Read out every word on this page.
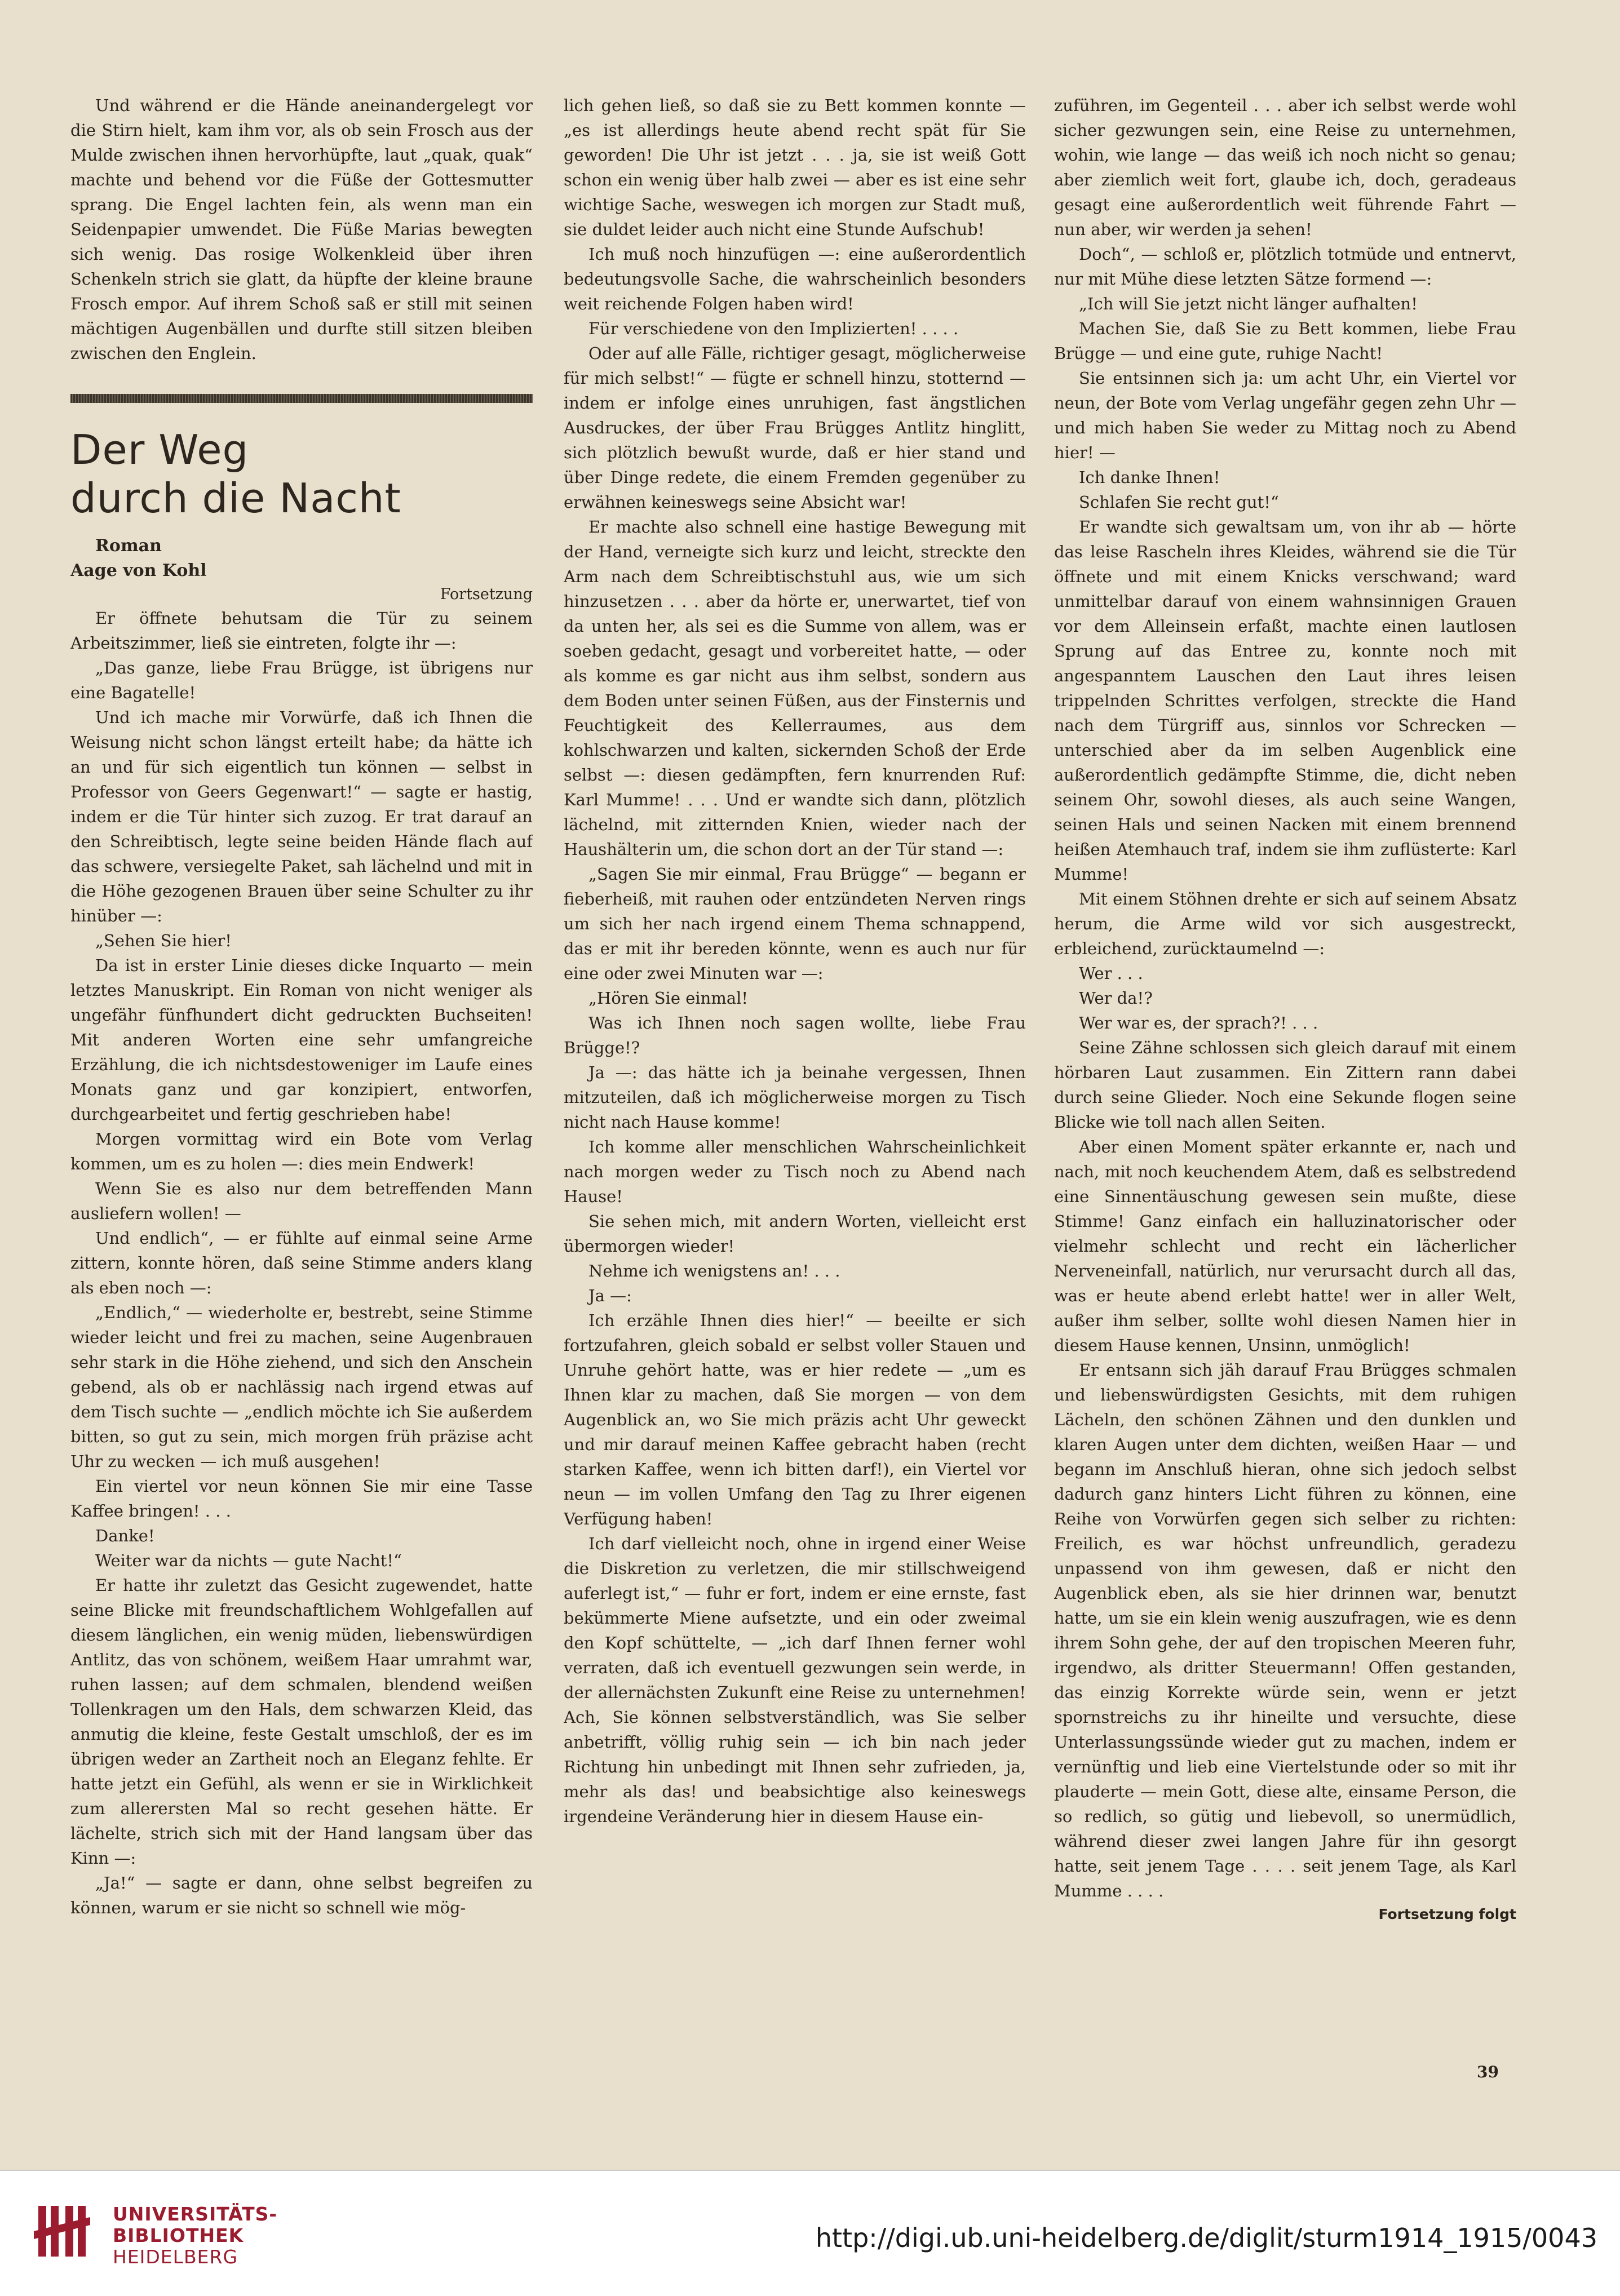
Und während er die Hände aneinandergelegt vor die Stirn hielt, kam ihm vor, als ob sein Frosch aus der Mulde zwischen ihnen hervorhüpfte, laut „quak, quak“ machte und behend vor die Füße der Gottesmutter sprang. Die Engel lachten fein, als wenn man ein Seidenpapier umwendet. Die Füße Marias bewegten sich wenig. Das rosige Wolkenkleid über ihren Schenkeln strich sie glatt, da hüpfte der kleine braune Frosch empor. Auf ihrem Schoß saß er still mit seinen mächtigen Augenbällen und durfte still sitzen bleiben zwischen den Englein.

Der Weg
durch die Nacht

Roman

Aage von Kohl

Fortsetzung

Er öffnete behutsam die Tür zu seinem Arbeitszimmer, ließ sie eintreten, folgte ihr —:

„Das ganze, liebe Frau Brügge, ist übrigens nur eine Bagatelle!

Und ich mache mir Vorwürfe, daß ich Ihnen die Weisung nicht schon längst erteilt habe; da hätte ich an und für sich eigentlich tun können — selbst in Professor von Geers Gegenwart!“ — sagte er hastig, indem er die Tür hinter sich zuzog. Er trat darauf an den Schreibtisch, legte seine beiden Hände flach auf das schwere, versiegelte Paket, sah lächelnd und mit in die Höhe gezogenen Brauen über seine Schulter zu ihr hinüber —:

„Sehen Sie hier!

Da ist in erster Linie dieses dicke Inquarto — mein letztes Manuskript. Ein Roman von nicht weniger als ungefähr fünfhundert dicht gedruckten Buchseiten! Mit anderen Worten eine sehr umfangreiche Erzählung, die ich nichtsdestoweniger im Laufe eines Monats ganz und gar konzipiert, entworfen, durchgearbeitet und fertig geschrieben habe!

Morgen vormittag wird ein Bote vom Verlag kommen, um es zu holen —: dies mein Endwerk!

Wenn Sie es also nur dem betreffenden Mann ausliefern wollen! —

Und endlich“, — er fühlte auf einmal seine Arme zittern, konnte hören, daß seine Stimme anders klang als eben noch —:

„Endlich,“ — wiederholte er, bestrebt, seine Stimme wieder leicht und frei zu machen, seine Augenbrauen sehr stark in die Höhe ziehend, und sich den Anschein gebend, als ob er nachlässig nach irgend etwas auf dem Tisch suchte — „endlich möchte ich Sie außerdem bitten, so gut zu sein, mich morgen früh präzise acht Uhr zu wecken — ich muß ausgehen!

Ein viertel vor neun können Sie mir eine Tasse Kaffee bringen! . . .

Danke!

Weiter war da nichts — gute Nacht!“

Er hatte ihr zuletzt das Gesicht zugewendet, hatte seine Blicke mit freundschaftlichem Wohlgefallen auf diesem länglichen, ein wenig müden, liebenswürdigen Antlitz, das von schönem, weißem Haar umrahmt war, ruhen lassen; auf dem schmalen, blendend weißen Tollenkragen um den Hals, dem schwarzen Kleid, das anmutig die kleine, feste Gestalt umschloß, der es im übrigen weder an Zartheit noch an Eleganz fehlte. Er hatte jetzt ein Gefühl, als wenn er sie in Wirklichkeit zum allerersten Mal so recht gesehen hätte. Er lächelte, strich sich mit der Hand langsam über das Kinn —:

„Ja!“ — sagte er dann, ohne selbst begreifen zu können, warum er sie nicht so schnell wie mög-

lich gehen ließ, so daß sie zu Bett kommen konnte — „es ist allerdings heute abend recht spät für Sie geworden! Die Uhr ist jetzt . . . ja, sie ist weiß Gott schon ein wenig über halb zwei — aber es ist eine sehr wichtige Sache, weswegen ich morgen zur Stadt muß, sie duldet leider auch nicht eine Stunde Aufschub!

Ich muß noch hinzufügen —: eine außerordentlich bedeutungsvolle Sache, die wahrscheinlich besonders weit reichende Folgen haben wird!

Für verschiedene von den Implizierten! . . . .

Oder auf alle Fälle, richtiger gesagt, möglicherweise für mich selbst!“ — fügte er schnell hinzu, stotternd — indem er infolge eines unruhigen, fast ängstlichen Ausdruckes, der über Frau Brügges Antlitz hinglitt, sich plötzlich bewußt wurde, daß er hier stand und über Dinge redete, die einem Fremden gegenüber zu erwähnen keineswegs seine Absicht war!

Er machte also schnell eine hastige Bewegung mit der Hand, verneigte sich kurz und leicht, streckte den Arm nach dem Schreibtischstuhl aus, wie um sich hinzusetzen . . . aber da hörte er, unerwartet, tief von da unten her, als sei es die Summe von allem, was er soeben gedacht, gesagt und vorbereitet hatte, — oder als komme es gar nicht aus ihm selbst, sondern aus dem Boden unter seinen Füßen, aus der Finsternis und Feuchtigkeit des Kellerraumes, aus dem kohlschwarzen und kalten, sickernden Schoß der Erde selbst —: diesen gedämpften, fern knurrenden Ruf: Karl Mumme! . . . Und er wandte sich dann, plötzlich lächelnd, mit zitternden Knien, wieder nach der Haushälterin um, die schon dort an der Tür stand —:

„Sagen Sie mir einmal, Frau Brügge“ — begann er fieberheiß, mit rauhen oder entzündeten Nerven rings um sich her nach irgend einem Thema schnappend, das er mit ihr bereden könnte, wenn es auch nur für eine oder zwei Minuten war —:

„Hören Sie einmal!

Was ich Ihnen noch sagen wollte, liebe Frau Brügge!?

Ja —: das hätte ich ja beinahe vergessen, Ihnen mitzuteilen, daß ich möglicherweise morgen zu Tisch nicht nach Hause komme!

Ich komme aller menschlichen Wahrscheinlichkeit nach morgen weder zu Tisch noch zu Abend nach Hause!

Sie sehen mich, mit andern Worten, vielleicht erst übermorgen wieder!

Nehme ich wenigstens an! . . .

Ja —:

Ich erzähle Ihnen dies hier!“ — beeilte er sich fortzufahren, gleich sobald er selbst voller Stauen und Unruhe gehört hatte, was er hier redete — „um es Ihnen klar zu machen, daß Sie morgen — von dem Augenblick an, wo Sie mich präzis acht Uhr geweckt und mir darauf meinen Kaffee gebracht haben (recht starken Kaffee, wenn ich bitten darf!), ein Viertel vor neun — im vollen Umfang den Tag zu Ihrer eigenen Verfügung haben!

Ich darf vielleicht noch, ohne in irgend einer Weise die Diskretion zu verletzen, die mir stillschweigend auferlegt ist,“ — fuhr er fort, indem er eine ernste, fast bekümmerte Miene aufsetzte, und ein oder zweimal den Kopf schüttelte, — „ich darf Ihnen ferner wohl verraten, daß ich eventuell gezwungen sein werde, in der allernächsten Zukunft eine Reise zu unternehmen! Ach, Sie können selbstverständlich, was Sie selber anbetrifft, völlig ruhig sein — ich bin nach jeder Richtung hin unbedingt mit Ihnen sehr zufrieden, ja, mehr als das! und beabsichtige also keineswegs irgendeine Veränderung hier in diesem Hause ein-

zuführen, im Gegenteil . . . aber ich selbst werde wohl sicher gezwungen sein, eine Reise zu unternehmen, wohin, wie lange — das weiß ich noch nicht so genau; aber ziemlich weit fort, glaube ich, doch, geradeaus gesagt eine außerordentlich weit führende Fahrt — nun aber, wir werden ja sehen!

Doch“, — schloß er, plötzlich totmüde und entnervt, nur mit Mühe diese letzten Sätze formend —:

„Ich will Sie jetzt nicht länger aufhalten!

Machen Sie, daß Sie zu Bett kommen, liebe Frau Brügge — und eine gute, ruhige Nacht!

Sie entsinnen sich ja: um acht Uhr, ein Viertel vor neun, der Bote vom Verlag ungefähr gegen zehn Uhr — und mich haben Sie weder zu Mittag noch zu Abend hier! —

Ich danke Ihnen!

Schlafen Sie recht gut!“

Er wandte sich gewaltsam um, von ihr ab — hörte das leise Rascheln ihres Kleides, während sie die Tür öffnete und mit einem Knicks verschwand; ward unmittelbar darauf von einem wahnsinnigen Grauen vor dem Alleinsein erfaßt, machte einen lautlosen Sprung auf das Entree zu, konnte noch mit angespanntem Lauschen den Laut ihres leisen trippelnden Schrittes verfolgen, streckte die Hand nach dem Türgriff aus, sinnlos vor Schrecken — unterschied aber da im selben Augenblick eine außerordentlich gedämpfte Stimme, die, dicht neben seinem Ohr, sowohl dieses, als auch seine Wangen, seinen Hals und seinen Nacken mit einem brennend heißen Atemhauch traf, indem sie ihm zuflüsterte: Karl Mumme!

Mit einem Stöhnen drehte er sich auf seinem Absatz herum, die Arme wild vor sich ausgestreckt, erbleichend, zurücktaumelnd —:

Wer . . .

Wer da!?

Wer war es, der sprach?! . . .

Seine Zähne schlossen sich gleich darauf mit einem hörbaren Laut zusammen. Ein Zittern rann dabei durch seine Glieder. Noch eine Sekunde flogen seine Blicke wie toll nach allen Seiten.

Aber einen Moment später erkannte er, nach und nach, mit noch keuchendem Atem, daß es selbstredend eine Sinnentäuschung gewesen sein mußte, diese Stimme! Ganz einfach ein halluzinatorischer oder vielmehr schlecht und recht ein lächerlicher Nerveneinfall, natürlich, nur verursacht durch all das, was er heute abend erlebt hatte! wer in aller Welt, außer ihm selber, sollte wohl diesen Namen hier in diesem Hause kennen, Unsinn, unmöglich!

Er entsann sich jäh darauf Frau Brügges schmalen und liebenswürdigsten Gesichts, mit dem ruhigen Lächeln, den schönen Zähnen und den dunklen und klaren Augen unter dem dichten, weißen Haar — und begann im Anschluß hieran, ohne sich jedoch selbst dadurch ganz hinters Licht führen zu können, eine Reihe von Vorwürfen gegen sich selber zu richten: Freilich, es war höchst unfreundlich, geradezu unpassend von ihm gewesen, daß er nicht den Augenblick eben, als sie hier drinnen war, benutzt hatte, um sie ein klein wenig auszufragen, wie es denn ihrem Sohn gehe, der auf den tropischen Meeren fuhr, irgendwo, als dritter Steuermann! Offen gestanden, das einzig Korrekte würde sein, wenn er jetzt spornstreichs zu ihr hineilte und versuchte, diese Unterlassungssünde wieder gut zu machen, indem er vernünftig und lieb eine Viertelstunde oder so mit ihr plauderte — mein Gott, diese alte, einsame Person, die so redlich, so gütig und liebevoll, so unermüdlich, während dieser zwei langen Jahre für ihn gesorgt hatte, seit jenem Tage . . . . seit jenem Tage, als Karl Mumme . . . .

Fortsetzung folgt

39
UNIVERSITÄTS-
BIBLIOTHEK
HEIDELBERG
http://digi.ub.uni-heidelberg.de/diglit/sturm1914_1915/0043
